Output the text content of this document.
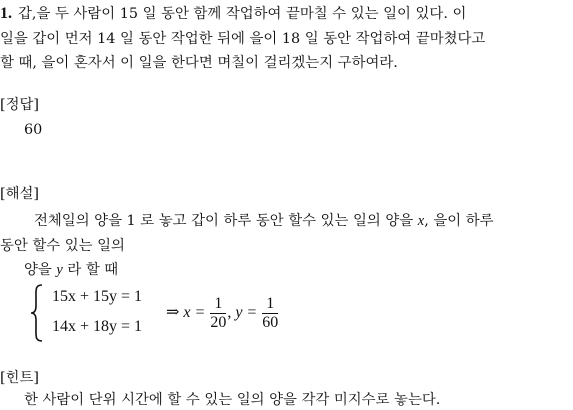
1. 갑,을 두 사람이 15 일 동안 함께 작업하여 끝마칠 수 있는 일이 있다. 이
일을 갑이 먼저 14 일 동안 작업한 뒤에 을이 18 일 동안 작업하여 끝마쳤다고
할 때, 을이 혼자서 이 일을 한다면 며칠이 걸리겠는지 구하여라.
[정답]
60
[해설]
전체일의 양을 1 로 놓고 갑이 하루 동안 할수 있는 일의 양을 x, 을이 하루
동안 할수 있는 일의
양을 y 라 할 때
15x + 15y = 1
14x + 18y = 1
⇒ $x = \frac{1}{20}$ , $y = \frac{1}{60}$
[힌트]
한 사람이 단위 시간에 할 수 있는 일의 양을 각각 미지수로 놓는다.
